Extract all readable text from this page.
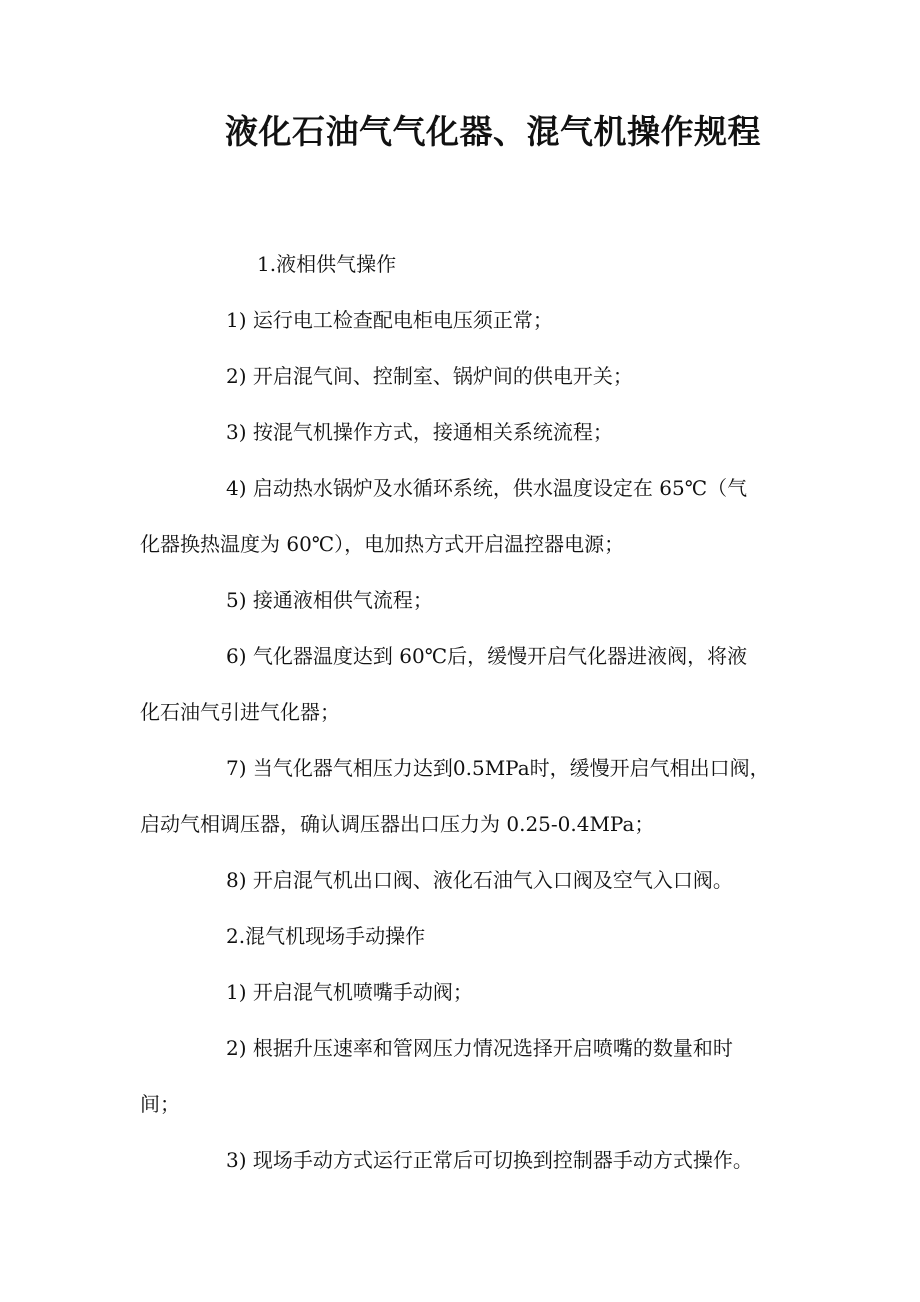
液化石油气气化器、混气机操作规程
1.液相供气操作
1) 运行电工检查配电柜电压须正常；
2) 开启混气间、控制室、锅炉间的供电开关；
3) 按混气机操作方式，接通相关系统流程；
4) 启动热水锅炉及水循环系统，供水温度设定在 65℃（气
化器换热温度为 60℃），电加热方式开启温控器电源；
5) 接通液相供气流程；
6) 气化器温度达到 60℃后，缓慢开启气化器进液阀，将液
化石油气引进气化器；
7) 当气化器气相压力达到0.5MPa时，缓慢开启气相出口阀，
启动气相调压器，确认调压器出口压力为 0.25-0.4MPa；
8) 开启混气机出口阀、液化石油气入口阀及空气入口阀。
2.混气机现场手动操作
1) 开启混气机喷嘴手动阀；
2) 根据升压速率和管网压力情况选择开启喷嘴的数量和时
间；
3) 现场手动方式运行正常后可切换到控制器手动方式操作。
